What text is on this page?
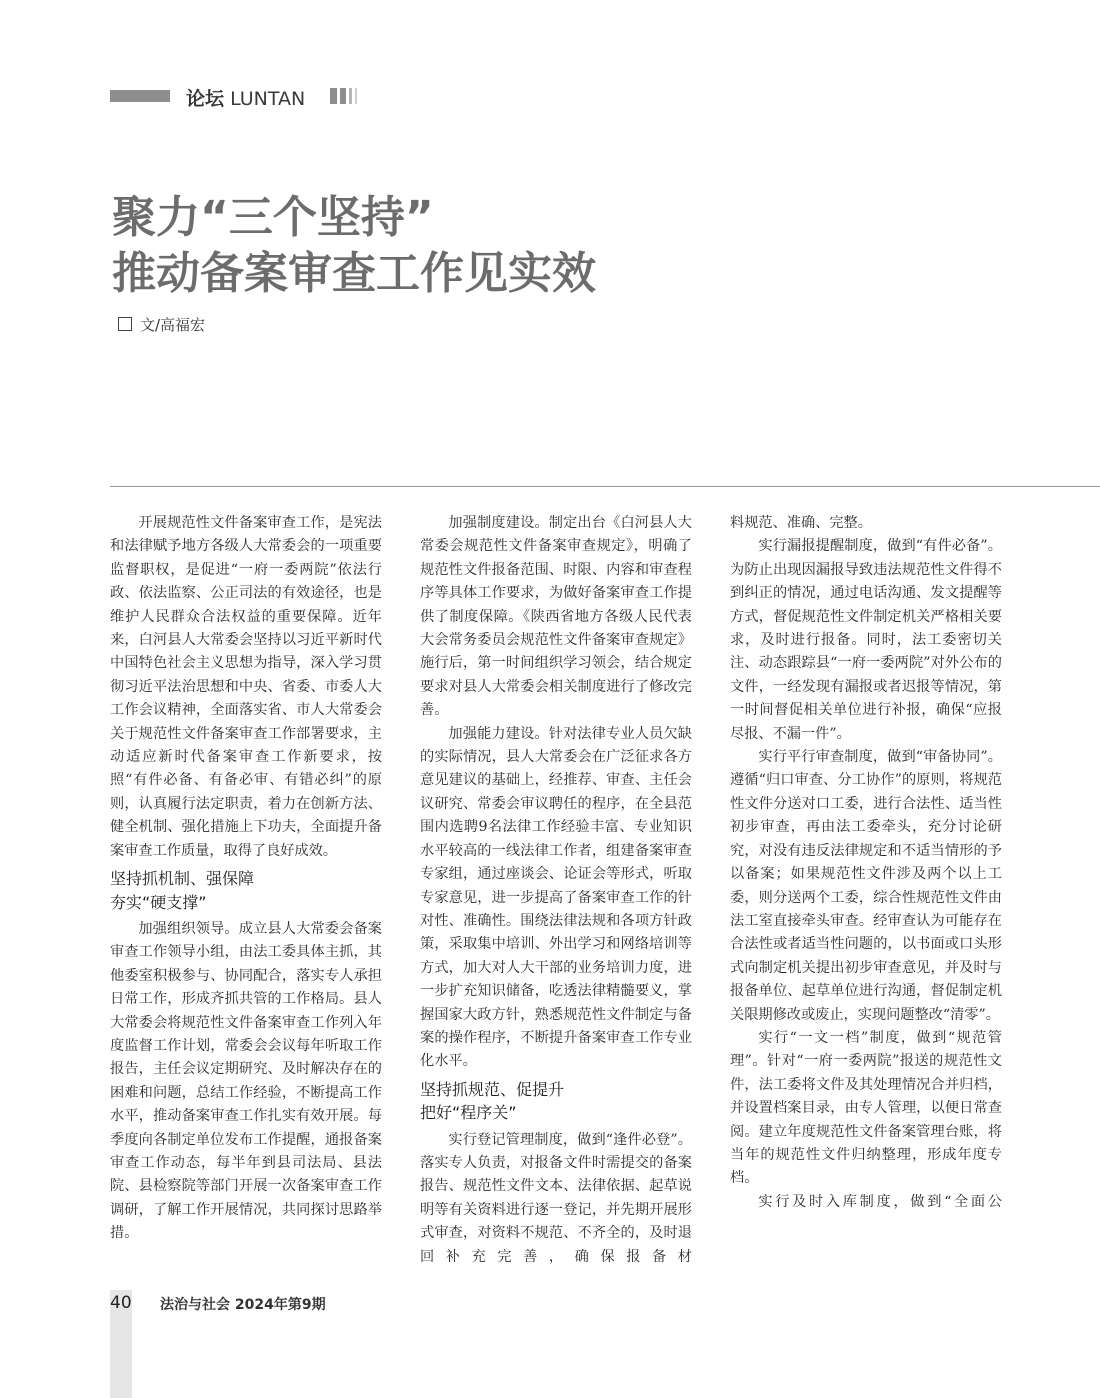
论坛 LUNTAN
聚力“三个坚持”
推动备案审查工作见实效
文/高福宏

开展规范性文件备案审查工作，是宪法和法律赋予地方各级人大常委会的一项重要监督职权，是促进“一府一委两院”依法行政、依法监察、公正司法的有效途径，也是维护人民群众合法权益的重要保障。近年来，白河县人大常委会坚持以习近平新时代中国特色社会主义思想为指导，深入学习贯彻习近平法治思想和中央、省委、市委人大工作会议精神，全面落实省、市人大常委会关于规范性文件备案审查工作部署要求，主动适应新时代备案审查工作新要求，按照“有件必备、有备必审、有错必纠”的原则，认真履行法定职责，着力在创新方法、健全机制、强化措施上下功夫，全面提升备案审查工作质量，取得了良好成效。

坚持抓机制、强保障
夯实“硬支撑”

加强组织领导。成立县人大常委会备案审查工作领导小组，由法工委具体主抓，其他委室积极参与、协同配合，落实专人承担日常工作，形成齐抓共管的工作格局。县人大常委会将规范性文件备案审查工作列入年度监督工作计划，常委会会议每年听取工作报告，主任会议定期研究、及时解决存在的困难和问题，总结工作经验，不断提高工作水平，推动备案审查工作扎实有效开展。每季度向各制定单位发布工作提醒，通报备案审查工作动态，每半年到县司法局、县法院、县检察院等部门开展一次备案审查工作调研，了解工作开展情况，共同探讨思路举措。

加强制度建设。制定出台《白河县人大常委会规范性文件备案审查规定》，明确了规范性文件报备范围、时限、内容和审查程序等具体工作要求，为做好备案审查工作提供了制度保障。《陕西省地方各级人民代表大会常务委员会规范性文件备案审查规定》施行后，第一时间组织学习领会，结合规定要求对县人大常委会相关制度进行了修改完善。

加强能力建设。针对法律专业人员欠缺的实际情况，县人大常委会在广泛征求各方意见建议的基础上，经推荐、审查、主任会议研究、常委会审议聘任的程序，在全县范围内选聘9名法律工作经验丰富、专业知识水平较高的一线法律工作者，组建备案审查专家组，通过座谈会、论证会等形式，听取专家意见，进一步提高了备案审查工作的针对性、准确性。围绕法律法规和各项方针政策，采取集中培训、外出学习和网络培训等方式，加大对人大干部的业务培训力度，进一步扩充知识储备，吃透法律精髓要义，掌握国家大政方针，熟悉规范性文件制定与备案的操作程序，不断提升备案审查工作专业化水平。

坚持抓规范、促提升
把好“程序关”

实行登记管理制度，做到“逢件必登”。落实专人负责，对报备文件时需提交的备案报告、规范性文件文本、法律依据、起草说明等有关资料进行逐一登记，并先期开展形式审查，对资料不规范、不齐全的，及时退回补充完善，确保报备材

料规范、准确、完整。

实行漏报提醒制度，做到“有件必备”。为防止出现因漏报导致违法规范性文件得不到纠正的情况，通过电话沟通、发文提醒等方式，督促规范性文件制定机关严格相关要求，及时进行报备。同时，法工委密切关注、动态跟踪县“一府一委两院”对外公布的文件，一经发现有漏报或者迟报等情况，第一时间督促相关单位进行补报，确保“应报尽报、不漏一件”。

实行平行审查制度，做到“审备协同”。遵循“归口审查、分工协作”的原则，将规范性文件分送对口工委，进行合法性、适当性初步审查，再由法工委牵头，充分讨论研究，对没有违反法律规定和不适当情形的予以备案；如果规范性文件涉及两个以上工委，则分送两个工委，综合性规范性文件由法工室直接牵头审查。经审查认为可能存在合法性或者适当性问题的，以书面或口头形式向制定机关提出初步审查意见，并及时与报备单位、起草单位进行沟通，督促制定机关限期修改或废止，实现问题整改“清零”。

实行“一文一档”制度，做到“规范管理”。针对“一府一委两院”报送的规范性文件，法工委将文件及其处理情况合并归档，并设置档案目录，由专人管理，以便日常查阅。建立年度规范性文件备案管理台账，将当年的规范性文件归纳整理，形成年度专档。

实行及时入库制度，做到“全面公

40 法治与社会 2024年第9期
